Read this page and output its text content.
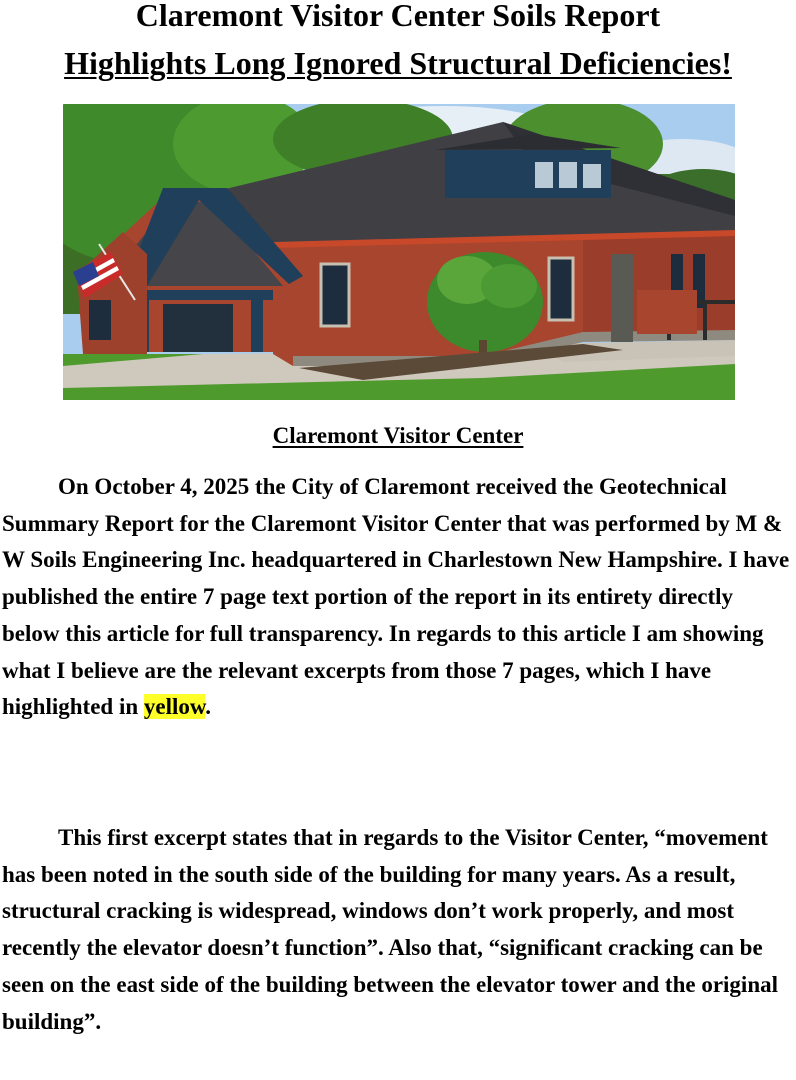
Claremont Visitor Center Soils Report
Highlights Long Ignored Structural Deficiencies!

Claremont Visitor Center

On October 4, 2025 the City of Claremont received the Geotechnical Summary Report for the Claremont Visitor Center that was performed by M & W Soils Engineering Inc. headquartered in Charlestown New Hampshire. I have published the entire 7 page text portion of the report in its entirety directly below this article for full transparency. In regards to this article I am showing what I believe are the relevant excerpts from those 7 pages, which I have highlighted in yellow.

This first excerpt states that in regards to the Visitor Center, “movement has been noted in the south side of the building for many years. As a result, structural cracking is widespread, windows don’t work properly, and most recently the elevator doesn’t function”. Also that, “significant cracking can be seen on the east side of the building between the elevator tower and the original building”.
